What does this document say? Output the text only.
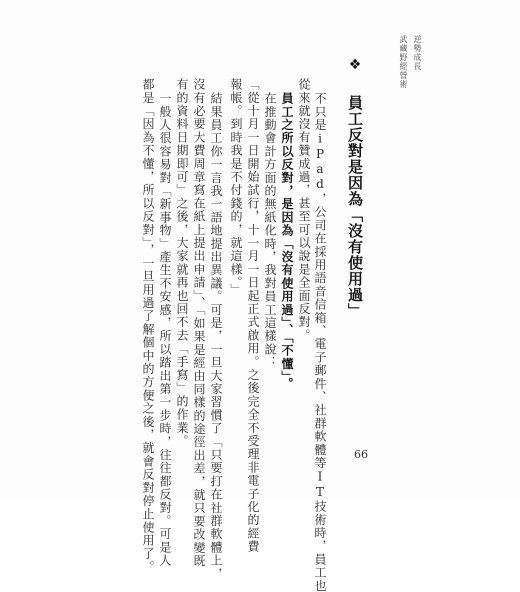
逆勢成長
武藏野經營術
❖ 員工反對是因為「沒有使用過」
不只是iPad，公司在採用語音信箱、電子郵件、社群軟體等IT技術時，員工也
從來就沒有贊成過，甚至可以說是全面反對。
員工之所以反對，是因為「沒有使用過」、「不懂」。
在推動會計方面的無紙化時，我對員工這樣說：
「從十月一日開始試行，十一月一日起正式啟用。之後完全不受理非電子化的經費
報帳。到時我是不付錢的，就這樣。」
結果員工你一言我一語地提出異議。可是，一旦大家習慣了「只要打在社群軟體上，
沒有必要大費周章寫在紙上提出申請」、「如果是經由同樣的途徑出差，就只要改變既
有的資料日期即可」之後，大家就再也回不去「手寫」的作業。
一般人很容易對「新事物」產生不安感，所以踏出第一步時，往往都反對。可是人
都是「因為不懂，所以反對」，一旦用過了解個中的方便之後，就會反對停止使用了。	66
